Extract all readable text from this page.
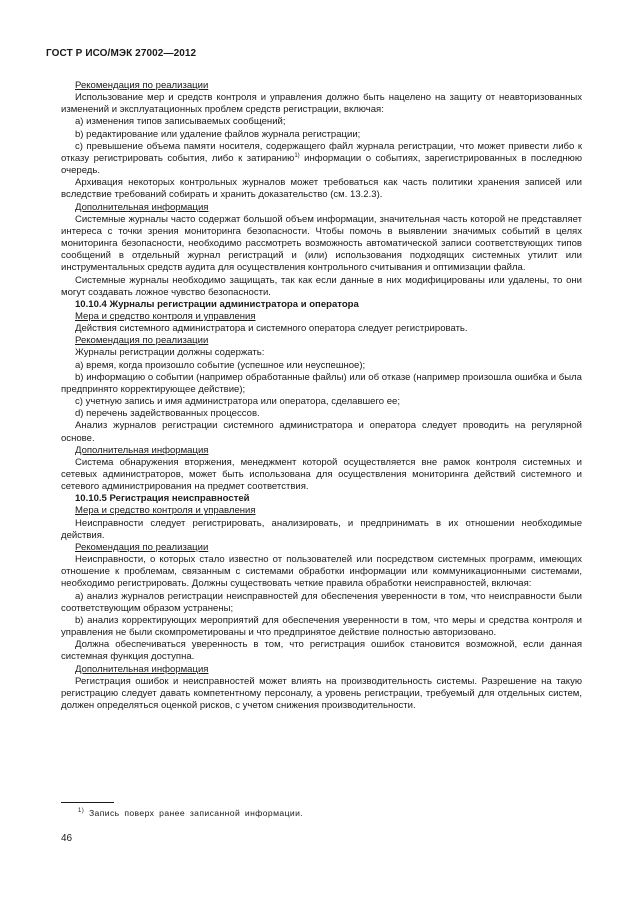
ГОСТ Р ИСО/МЭК 27002—2012

Рекомендация по реализации

Использование мер и средств контроля и управления должно быть нацелено на защиту от неавторизованных изменений и эксплуатационных проблем средств регистрации, включая:

а) изменения типов записываемых сообщений;

b) редактирование или удаление файлов журнала регистрации;

с) превышение объема памяти носителя, содержащего файл журнала регистрации, что может привести либо к отказу регистрировать события, либо к затиранию$^{1)}$ информации о событиях, зарегистрированных в последнюю очередь.

Архивация некоторых контрольных журналов может требоваться как часть политики хранения записей или вследствие требований собирать и хранить доказательство (см. 13.2.3).

Дополнительная информация

Системные журналы часто содержат большой объем информации, значительная часть которой не представляет интереса с точки зрения мониторинга безопасности. Чтобы помочь в выявлении значимых событий в целях мониторинга безопасности, необходимо рассмотреть возможность автоматической записи соответствующих типов сообщений в отдельный журнал регистраций и (или) использования подходящих системных утилит или инструментальных средств аудита для осуществления контрольного считывания и оптимизации файла.

Системные журналы необходимо защищать, так как если данные в них модифицированы или удалены, то они могут создавать ложное чувство безопасности.

10.10.4 Журналы регистрации администратора и оператора

Мера и средство контроля и управления

Действия системного администратора и системного оператора следует регистрировать.

Рекомендация по реализации

Журналы регистрации должны содержать:

а) время, когда произошло событие (успешное или неуспешное);

b) информацию о событии (например обработанные файлы) или об отказе (например произошла ошибка и была предпринято корректирующее действие);

с) учетную запись и имя администратора или оператора, сделавшего ее;

d) перечень задействованных процессов.

Анализ журналов регистрации системного администратора и оператора следует проводить на регулярной основе.

Дополнительная информация

Система обнаружения вторжения, менеджмент которой осуществляется вне рамок контроля системных и сетевых администраторов, может быть использована для осуществления мониторинга действий системного и сетевого администрирования на предмет соответствия.

10.10.5 Регистрация неисправностей

Мера и средство контроля и управления

Неисправности следует регистрировать, анализировать, и предпринимать в их отношении необходимые действия.

Рекомендация по реализации

Неисправности, о которых стало известно от пользователей или посредством системных программ, имеющих отношение к проблемам, связанным с системами обработки информации или коммуникационными системами, необходимо регистрировать. Должны существовать четкие правила обработки неисправностей, включая:

а) анализ журналов регистрации неисправностей для обеспечения уверенности в том, что неисправности были соответствующим образом устранены;

b) анализ корректирующих мероприятий для обеспечения уверенности в том, что меры и средства контроля и управления не были скомпрометированы и что предпринятое действие полностью авторизовано.

Должна обеспечиваться уверенность в том, что регистрация ошибок становится возможной, если данная системная функция доступна.

Дополнительная информация

Регистрация ошибок и неисправностей может влиять на производительность системы. Разрешение на такую регистрацию следует давать компетентному персоналу, а уровень регистрации, требуемый для отдельных систем, должен определяться оценкой рисков, с учетом снижения производительности.

$^{1)}$ Запись поверх ранее записанной информации.
46
